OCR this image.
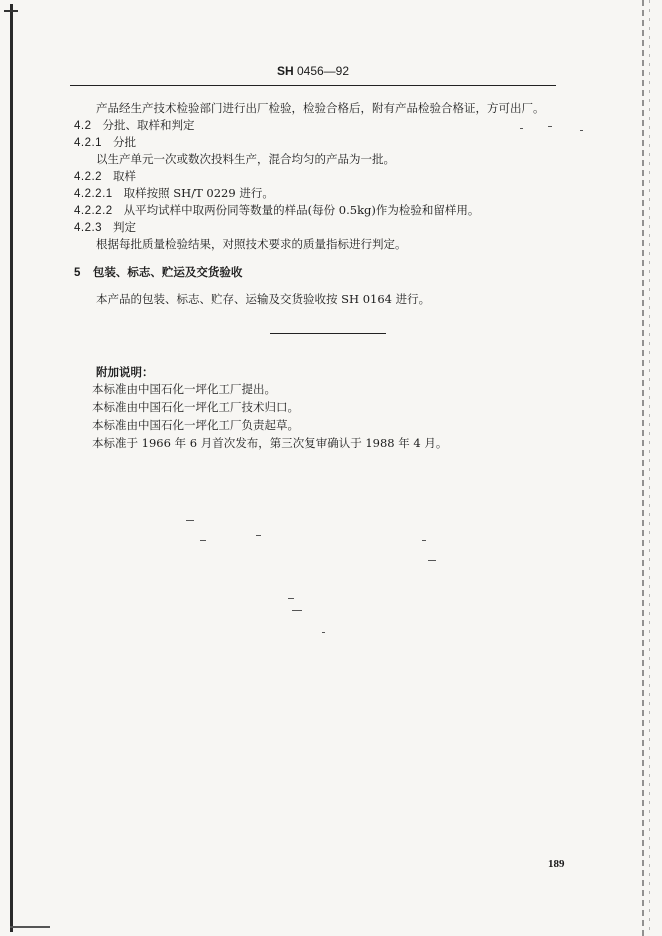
SH 0456—92
产品经生产技术检验部门进行出厂检验，检验合格后，附有产品检验合格证，方可出厂。
4.2 分批、取样和判定
4.2.1 分批
以生产单元一次或数次投料生产，混合均匀的产品为一批。
4.2.2 取样
4.2.2.1 取样按照 SH/T 0229 进行。
4.2.2.2 从平均试样中取两份同等数量的样品(每份 0.5kg)作为检验和留样用。
4.2.3 判定
根据每批质量检验结果，对照技术要求的质量指标进行判定。
5 包装、标志、贮运及交货验收
本产品的包装、标志、贮存、运输及交货验收按 SH 0164 进行。
附加说明：
本标准由中国石化一坪化工厂提出。
本标准由中国石化一坪化工厂技术归口。
本标准由中国石化一坪化工厂负责起草。
本标准于 1966 年 6 月首次发布，第三次复审确认于 1988 年 4 月。
189
